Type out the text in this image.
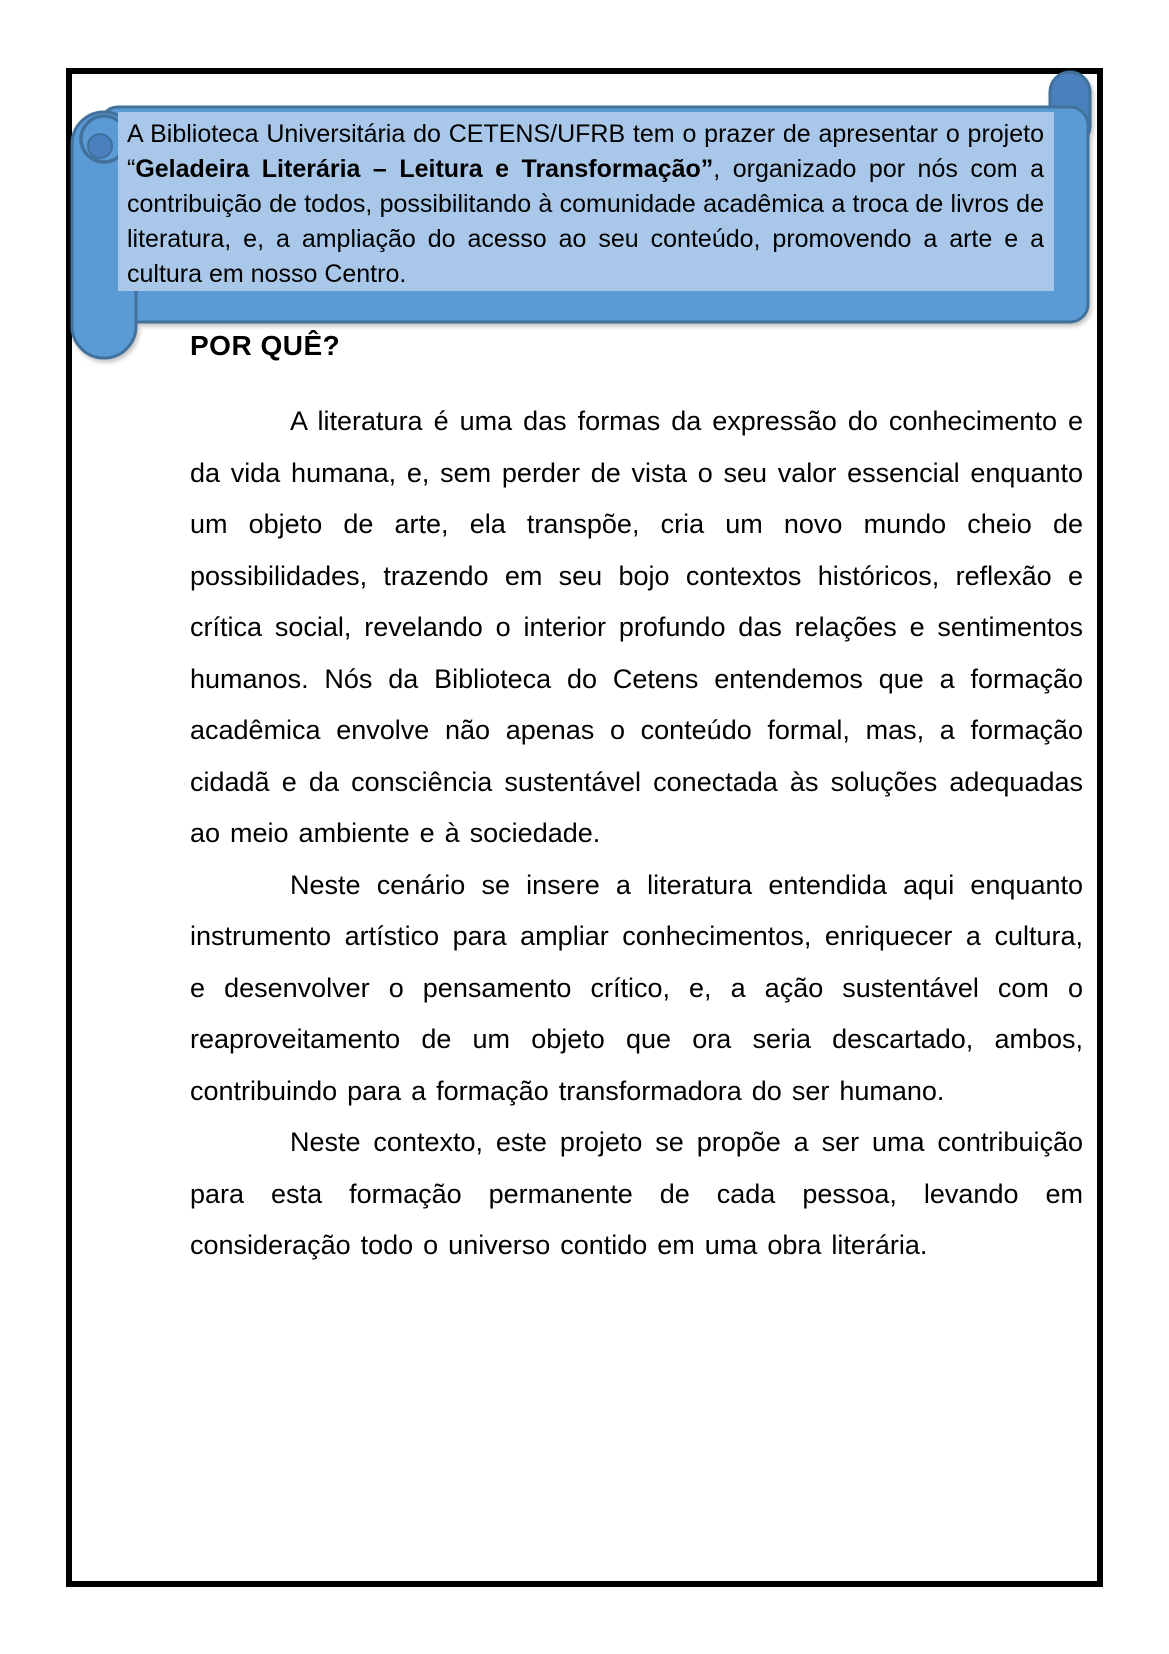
A Biblioteca Universitária do CETENS/UFRB tem o prazer de apresentar o projeto “Geladeira Literária – Leitura e Transformação”, organizado por nós com a contribuição de todos, possibilitando à comunidade acadêmica a troca de livros de literatura, e, a ampliação do acesso ao seu conteúdo, promovendo a arte e a cultura em nosso Centro.
POR QUÊ?

A literatura é uma das formas da expressão do conhecimento e da vida humana, e, sem perder de vista o seu valor essencial enquanto um objeto de arte, ela transpõe, cria um novo mundo cheio de possibilidades, trazendo em seu bojo contextos históricos, reflexão e crítica social, revelando o interior profundo das relações e sentimentos humanos. Nós da Biblioteca do Cetens entendemos que a formação acadêmica envolve não apenas o conteúdo formal, mas, a formação cidadã e da consciência sustentável conectada às soluções adequadas ao meio ambiente e à sociedade.

Neste cenário se insere a literatura entendida aqui enquanto instrumento artístico para ampliar conhecimentos, enriquecer a cultura, e desenvolver o pensamento crítico, e, a ação sustentável com o reaproveitamento de um objeto que ora seria descartado, ambos, contribuindo para a formação transformadora do ser humano.

Neste contexto, este projeto se propõe a ser uma contribuição para esta formação permanente de cada pessoa, levando em consideração todo o universo contido em uma obra literária.
